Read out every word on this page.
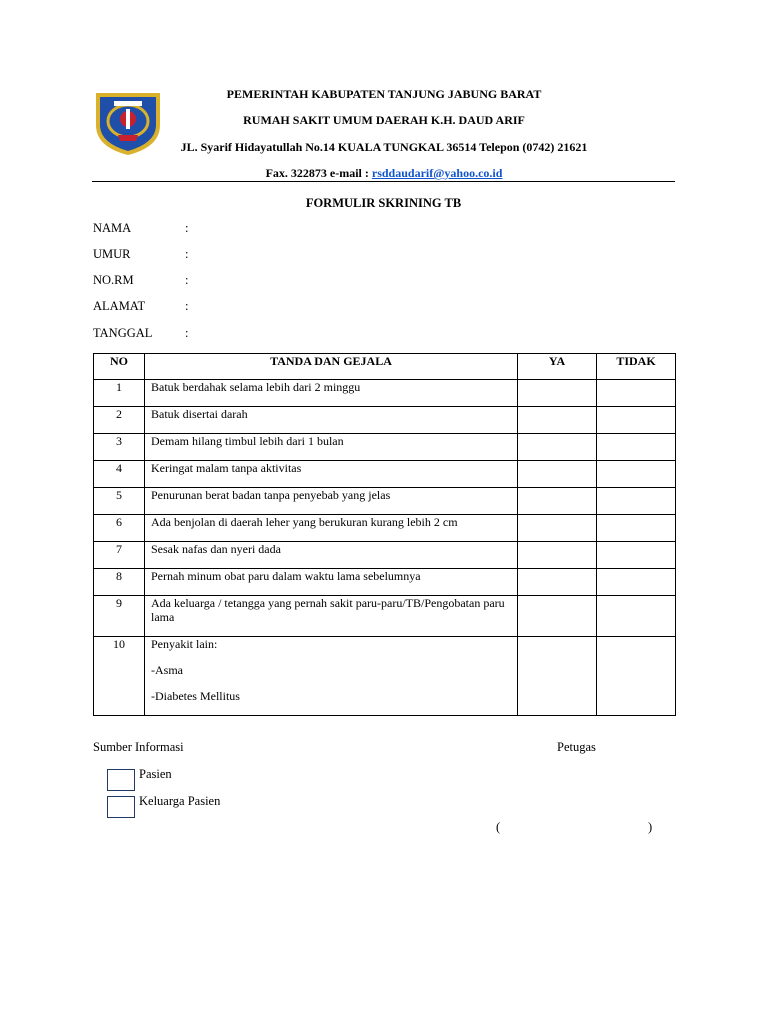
PEMERINTAH KABUPATEN TANJUNG JABUNG BARAT
RUMAH SAKIT UMUM DAERAH K.H. DAUD ARIF
JL. Syarif Hidayatullah No.14 KUALA TUNGKAL 36514 Telepon (0742) 21621
Fax. 322873 e-mail : rsddaudarif@yahoo.co.id
FORMULIR SKRINING TB
NAMA	:
UMUR	:
NO.RM	:
ALAMAT	:
TANGGAL	:
NO	TANDA DAN GEJALA	YA	TIDAK
1	Batuk berdahak selama lebih dari 2 minggu		
2	Batuk disertai darah		
3	Demam hilang timbul lebih dari 1 bulan		
4	Keringat malam tanpa aktivitas		
5	Penurunan berat badan tanpa penyebab yang jelas		
6	Ada benjolan di daerah leher yang berukuran kurang lebih 2 cm		
7	Sesak nafas dan nyeri dada		
8	Pernah minum obat paru dalam waktu lama sebelumnya		
9	Ada keluarga / tetangga yang pernah sakit paru-paru/TB/Pengobatan paru lama		
10	Penyakit lain:
-Asma
-Diabetes Mellitus		

Sumber Informasi	Petugas
Pasien
Keluarga Pasien
(	)
